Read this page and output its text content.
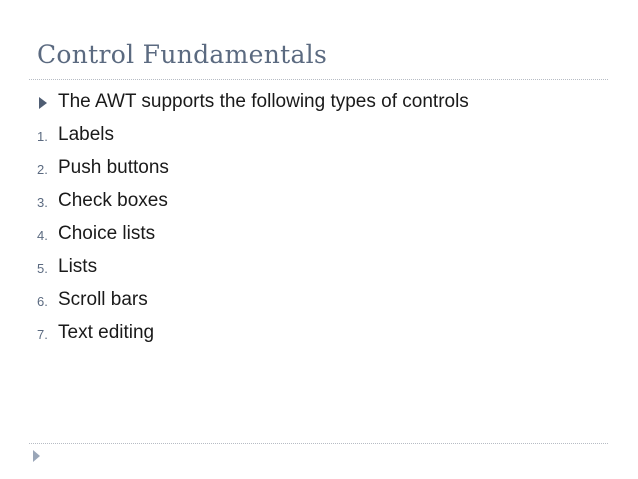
Control Fundamentals
The AWT supports the following types of controls
1. Labels
2. Push buttons
3. Check boxes
4. Choice lists
5. Lists
6. Scroll bars
7. Text editing
